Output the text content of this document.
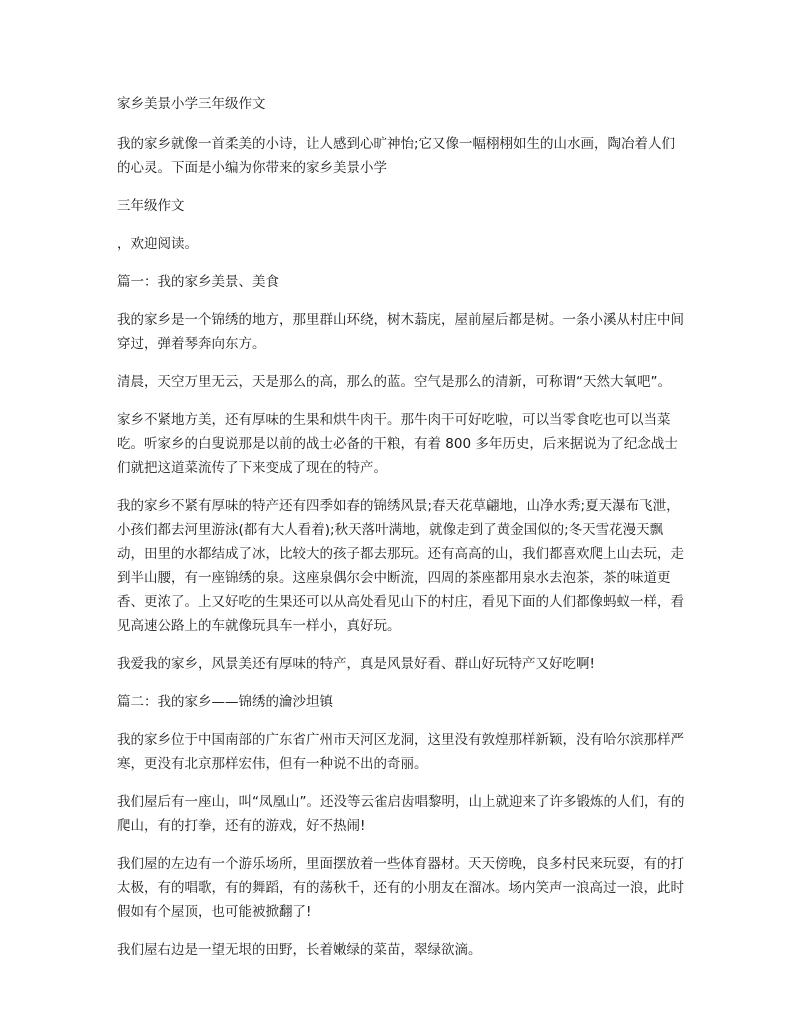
家乡美景小学三年级作文

我的家乡就像一首柔美的小诗，让人感到心旷神怡;它又像一幅栩栩如生的山水画，陶冶着人们的心灵。下面是小编为你带来的家乡美景小学

三年级作文

，欢迎阅读。

篇一：我的家乡美景、美食

我的家乡是一个锦绣的地方，那里群山环绕，树木蓊庑，屋前屋后都是树。一条小溪从村庄中间穿过，弹着琴奔向东方。

清晨，天空万里无云，天是那么的高，那么的蓝。空气是那么的清新，可称谓“天然大氧吧”。

家乡不紧地方美，还有厚味的生果和烘牛肉干。那牛肉干可好吃啦，可以当零食吃也可以当菜吃。听家乡的白叟说那是以前的战士必备的干粮，有着 800 多年历史，后来据说为了纪念战士们就把这道菜流传了下来变成了现在的特产。

我的家乡不紧有厚味的特产还有四季如春的锦绣风景;春天花草翩地，山净水秀;夏天瀑布飞泄，小孩们都去河里游泳(都有大人看着);秋天落叶满地，就像走到了黄金国似的;冬天雪花漫天飘动，田里的水都结成了冰，比较大的孩子都去那玩。还有高高的山，我们都喜欢爬上山去玩，走到半山腰，有一座锦绣的泉。这座泉偶尔会中断流，四周的茶座都用泉水去泡茶，茶的味道更香、更浓了。上又好吃的生果还可以从高处看见山下的村庄，看见下面的人们都像蚂蚁一样，看见高速公路上的车就像玩具车一样小，真好玩。

我爱我的家乡，风景美还有厚味的特产，真是风景好看、群山好玩特产又好吃啊!

篇二：我的家乡——锦绣的瀹沙坦镇

我的家乡位于中国南部的广东省广州市天河区龙洞，这里没有敦煌那样新颖，没有哈尔滨那样严寒，更没有北京那样宏伟，但有一种说不出的奇丽。

我们屋后有一座山，叫“凤凰山”。还没等云雀启齿唱黎明，山上就迎来了许多锻炼的人们，有的爬山，有的打拳，还有的游戏，好不热闹!

我们屋的左边有一个游乐场所，里面摆放着一些体育器材。天天傍晚，良多村民来玩耍，有的打太极，有的唱歌，有的舞蹈，有的荡秋千，还有的小朋友在溜冰。场内笑声一浪高过一浪，此时假如有个屋顶，也可能被掀翻了!

我们屋右边是一望无垠的田野，长着嫩绿的菜苗，翠绿欲滴。
